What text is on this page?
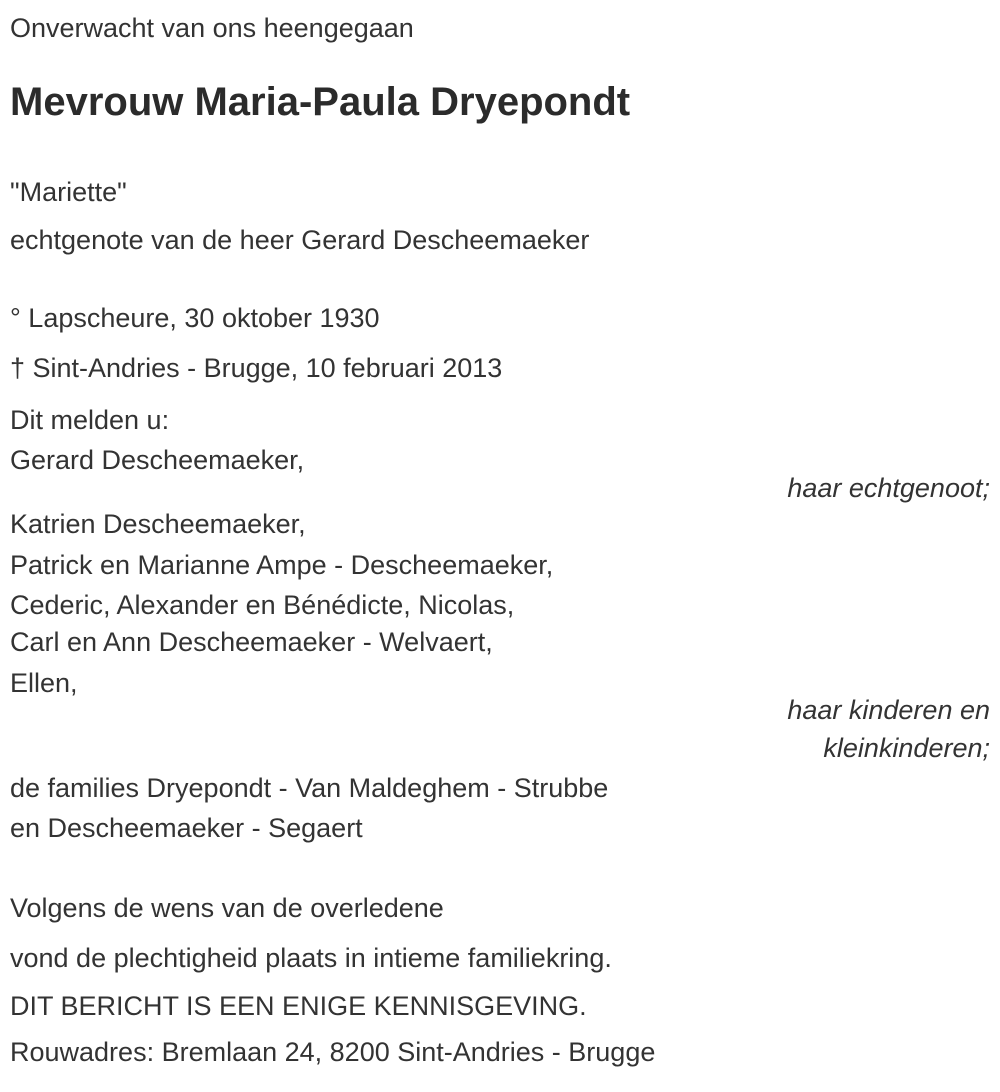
Onverwacht van ons heengegaan
Mevrouw Maria-Paula Dryepondt
"Mariette"
echtgenote van de heer Gerard Descheemaeker
° Lapscheure, 30 oktober 1930
† Sint-Andries - Brugge, 10 februari 2013
Dit melden u:
Gerard Descheemaeker,
haar echtgenoot;
Katrien Descheemaeker,
Patrick en Marianne Ampe - Descheemaeker,
Cederic, Alexander en Bénédicte, Nicolas,
Carl en Ann Descheemaeker - Welvaert,
Ellen,
haar kinderen en
kleinkinderen;
de families Dryepondt - Van Maldeghem - Strubbe
en Descheemaeker - Segaert
Volgens de wens van de overledene
vond de plechtigheid plaats in intieme familiekring.
DIT BERICHT IS EEN ENIGE KENNISGEVING.
Rouwadres: Bremlaan 24, 8200 Sint-Andries - Brugge
